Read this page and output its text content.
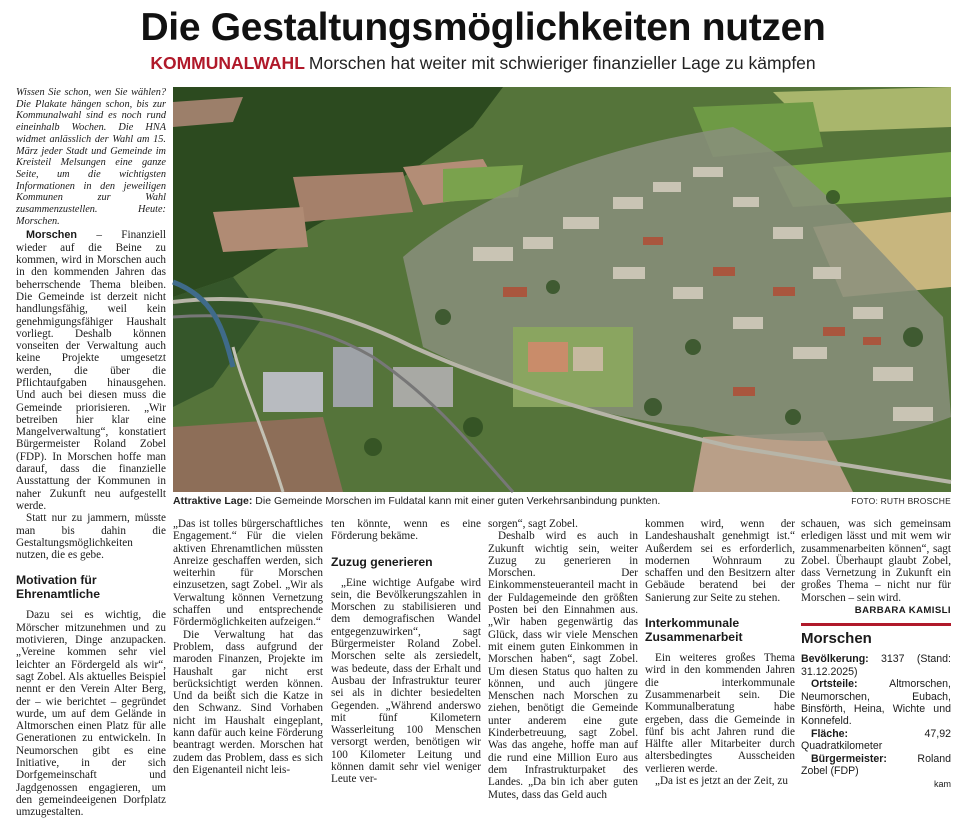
Die Gestaltungsmöglichkeiten nutzen
KOMMUNALWAHL Morschen hat weiter mit schwieriger finanzieller Lage zu kämpfen
Attraktive Lage: Die Gemeinde Morschen im Fuldatal kann mit einer guten Verkehrsanbindung punkten.	FOTO: RUTH BROSCHE

Wissen Sie schon, wen Sie wählen? Die Plakate hängen schon, bis zur Kommunalwahl sind es noch rund eineinhalb Wochen. Die HNA widmet anlässlich der Wahl am 15. März jeder Stadt und Gemeinde im Kreisteil Melsungen eine ganze Seite, um die wichtigsten Informationen in den jeweiligen Kommunen zur Wahl zusammenzustellen. Heute: Morschen.

Morschen – Finanziell wieder auf die Beine zu kommen, wird in Morschen auch in den kommenden Jahren das beherrschende Thema bleiben. Die Gemeinde ist derzeit nicht handlungsfähig, weil kein genehmigungsfähiger Haushalt vorliegt. Deshalb können vonseiten der Verwaltung auch keine Projekte umgesetzt werden, die über die Pflichtaufgaben hinausgehen. Und auch bei diesen muss die Gemeinde priorisieren. „Wir betreiben hier klar eine Mangelverwaltung“, konstatiert Bürgermeister Roland Zobel (FDP). In Morschen hoffe man darauf, dass die finanzielle Ausstattung der Kommunen in naher Zukunft neu aufgestellt werde.

Statt nur zu jammern, müsste man bis dahin die Gestaltungsmöglichkeiten nutzen, die es gebe.

Motivation für Ehrenamtliche

Dazu sei es wichtig, die Mörscher mitzunehmen und zu motivieren, Dinge anzupacken. „Vereine kommen sehr viel leichter an Fördergeld als wir“, sagt Zobel. Als aktuelles Beispiel nennt er den Verein Alter Berg, der – wie berichtet – gegründet wurde, um auf dem Gelände in Altmorschen einen Platz für alle Generationen zu entwickeln. In Neumorschen gibt es eine Initiative, in der sich Dorfgemeinschaft und Jagdgenossen engagieren, um den gemeindeeigenen Dorfplatz umzugestalten.

„Das ist tolles bürgerschaftliches Engagement.“ Für die vielen aktiven Ehrenamtlichen müssten Anreize geschaffen werden, sich weiterhin für Morschen einzusetzen, sagt Zobel. „Wir als Verwaltung können Vernetzung schaffen und entsprechende Fördermöglichkeiten aufzeigen.“

Die Verwaltung hat das Problem, dass aufgrund der maroden Finanzen, Projekte im Haushalt gar nicht erst berücksichtigt werden können. Und da beißt sich die Katze in den Schwanz. Sind Vorhaben nicht im Haushalt eingeplant, kann dafür auch keine Förderung beantragt werden. Morschen hat zudem das Problem, dass es sich den Eigenanteil nicht leis-

ten könnte, wenn es eine Förderung bekäme.

Zuzug generieren

„Eine wichtige Aufgabe wird sein, die Bevölkerungszahlen in Morschen zu stabilisieren und dem demografischen Wandel entgegenzuwirken“, sagt Bürgermeister Roland Zobel. Morschen selte als zersiedelt, was bedeute, dass der Erhalt und Ausbau der Infrastruktur teurer sei als in dichter besiedelten Gegenden. „Während anderswo mit fünf Kilometern Wasserleitung 100 Menschen versorgt werden, benötigen wir 100 Kilometer Leitung und können damit sehr viel weniger Leute ver-

sorgen“, sagt Zobel.

Deshalb wird es auch in Zukunft wichtig sein, weiter Zuzug zu generieren in Morschen. Der Einkommensteueranteil macht in der Fuldagemeinde den größten Posten bei den Einnahmen aus. „Wir haben gegenwärtig das Glück, dass wir viele Menschen mit einem guten Einkommen in Morschen haben“, sagt Zobel. Um diesen Status quo halten zu können, und auch jüngere Menschen nach Morschen zu ziehen, benötigt die Gemeinde unter anderem eine gute Kinderbetreuung, sagt Zobel. Was das angehe, hoffe man auf die rund eine Million Euro aus dem Infrastrukturpaket des Landes. „Da bin ich aber guten Mutes, dass das Geld auch

kommen wird, wenn der Landeshaushalt genehmigt ist.“ Außerdem sei es erforderlich, modernen Wohnraum zu schaffen und den Besitzern alter Gebäude beratend bei der Sanierung zur Seite zu stehen.

Interkommunale Zusammenarbeit

Ein weiteres großes Thema wird in den kommenden Jahren die interkommunale Zusammenarbeit sein. Die Kommunalberatung habe ergeben, dass die Gemeinde in fünf bis acht Jahren rund die Hälfte aller Mitarbeiter durch altersbedingtes Ausscheiden verlieren werde.

„Da ist es jetzt an der Zeit, zu

schauen, was sich gemeinsam erledigen lässt und mit wem wir zusammenarbeiten können“, sagt Zobel. Überhaupt glaubt Zobel, dass Vernetzung in Zukunft ein großes Thema – nicht nur für Morschen – sein wird.

BARBARA KAMISLI

Morschen

Bevölkerung: 3137 (Stand: 31.12.2025)

Ortsteile: Altmorschen, Neumorschen, Eubach, Binsförth, Heina, Wichte und Konnefeld.

Fläche: 47,92 Quadratkilometer

Bürgermeister: Roland Zobel (FDP)

kam
